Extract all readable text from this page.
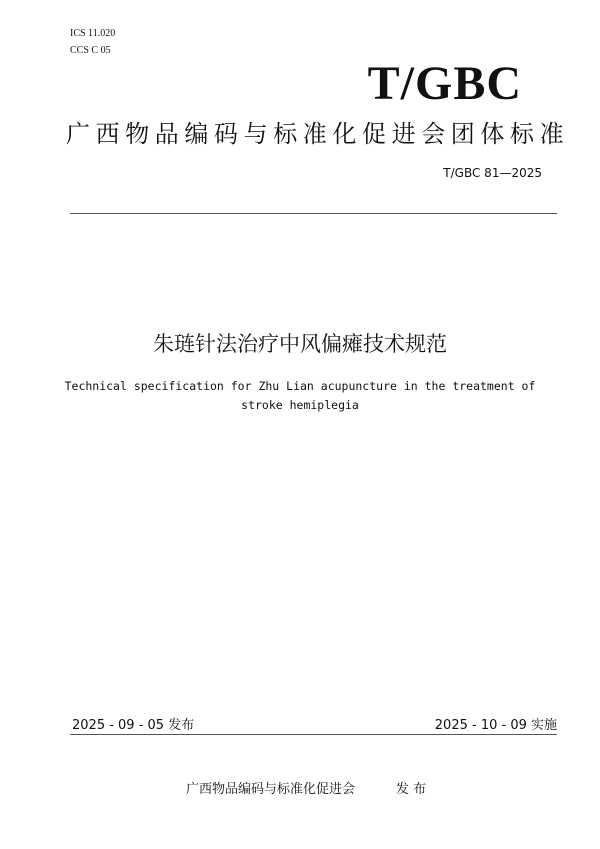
ICS 11.020
CCS C 05
T/GBC
广西物品编码与标准化促进会团体标准
T/GBC 81—2025
朱琏针法治疗中风偏瘫技术规范
Technical specification for Zhu Lian acupuncture in the treatment of
stroke hemiplegia
2025 - 09 - 05 发布	2025 - 10 - 09 实施
广西物品编码与标准化促进会	发 布
